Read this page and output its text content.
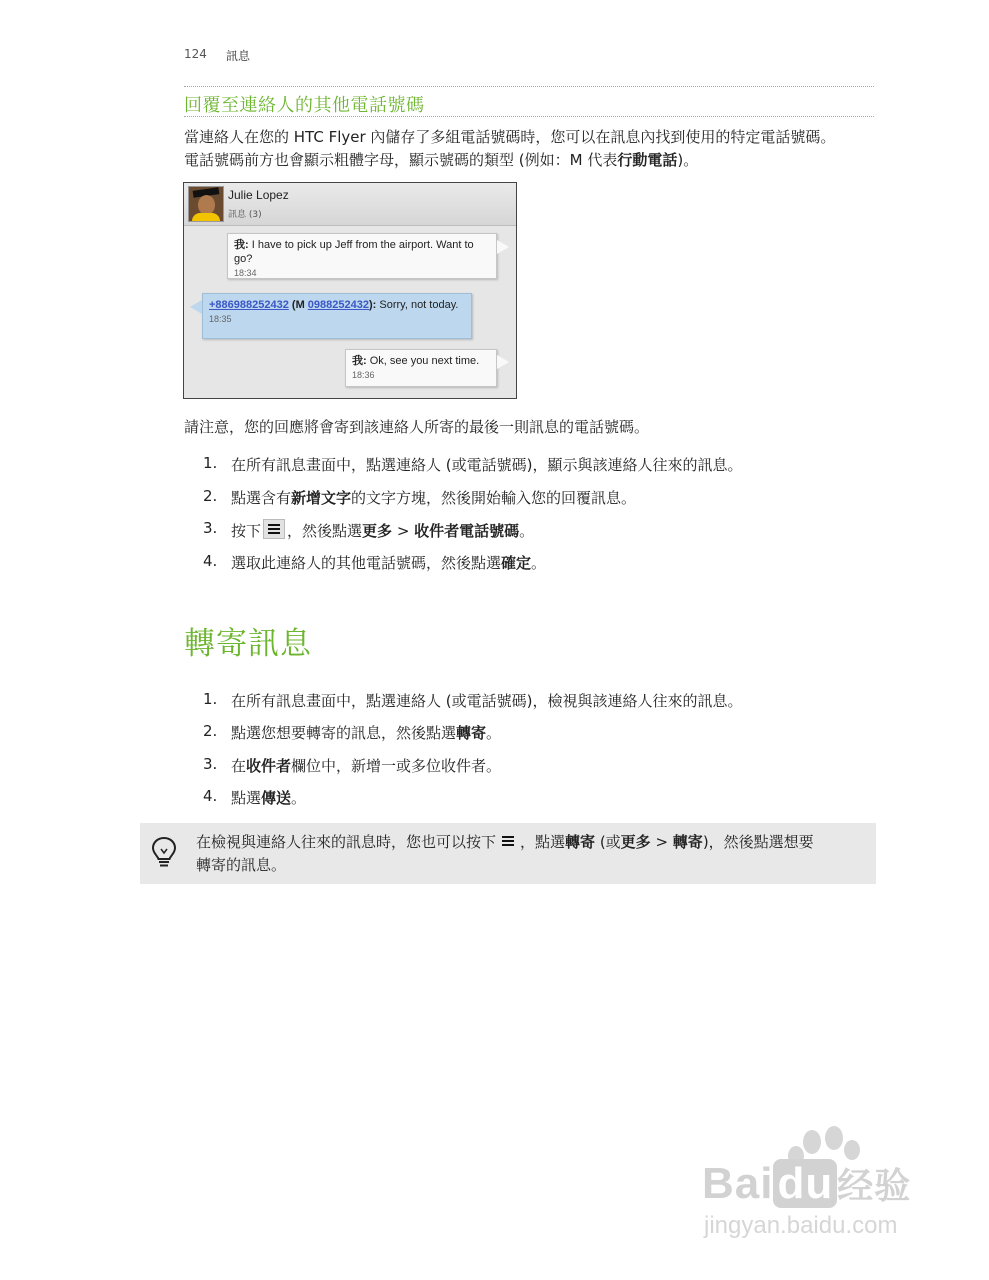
124 訊息
回覆至連絡人的其他電話號碼
當連絡人在您的 HTC Flyer 內儲存了多組電話號碼時，您可以在訊息內找到使用的特定電話號碼。
電話號碼前方也會顯示粗體字母，顯示號碼的類型 (例如：M 代表行動電話)。
Julie Lopez
訊息 (3)
我: I have to pick up Jeff from the airport. Want to go?
18:34
+886988252432 (M 0988252432): Sorry, not today.
18:35
我: Ok, see you next time.
18:36
請注意，您的回應將會寄到該連絡人所寄的最後一則訊息的電話號碼。
1. 在所有訊息畫面中，點選連絡人 (或電話號碼)，顯示與該連絡人往來的訊息。
2. 點選含有新增文字的文字方塊，然後開始輸入您的回覆訊息。
3. 按下 ，然後點選更多 > 收件者電話號碼。
4. 選取此連絡人的其他電話號碼，然後點選確定。
轉寄訊息
1. 在所有訊息畫面中，點選連絡人 (或電話號碼)，檢視與該連絡人往來的訊息。
2. 點選您想要轉寄的訊息，然後點選轉寄。
3. 在收件者欄位中，新增一或多位收件者。
4. 點選傳送。
在檢視與連絡人往來的訊息時，您也可以按下 ，點選轉寄 (或更多 > 轉寄)，然後點選想要
轉寄的訊息。
Baidu 经验
jingyan.baidu.com
